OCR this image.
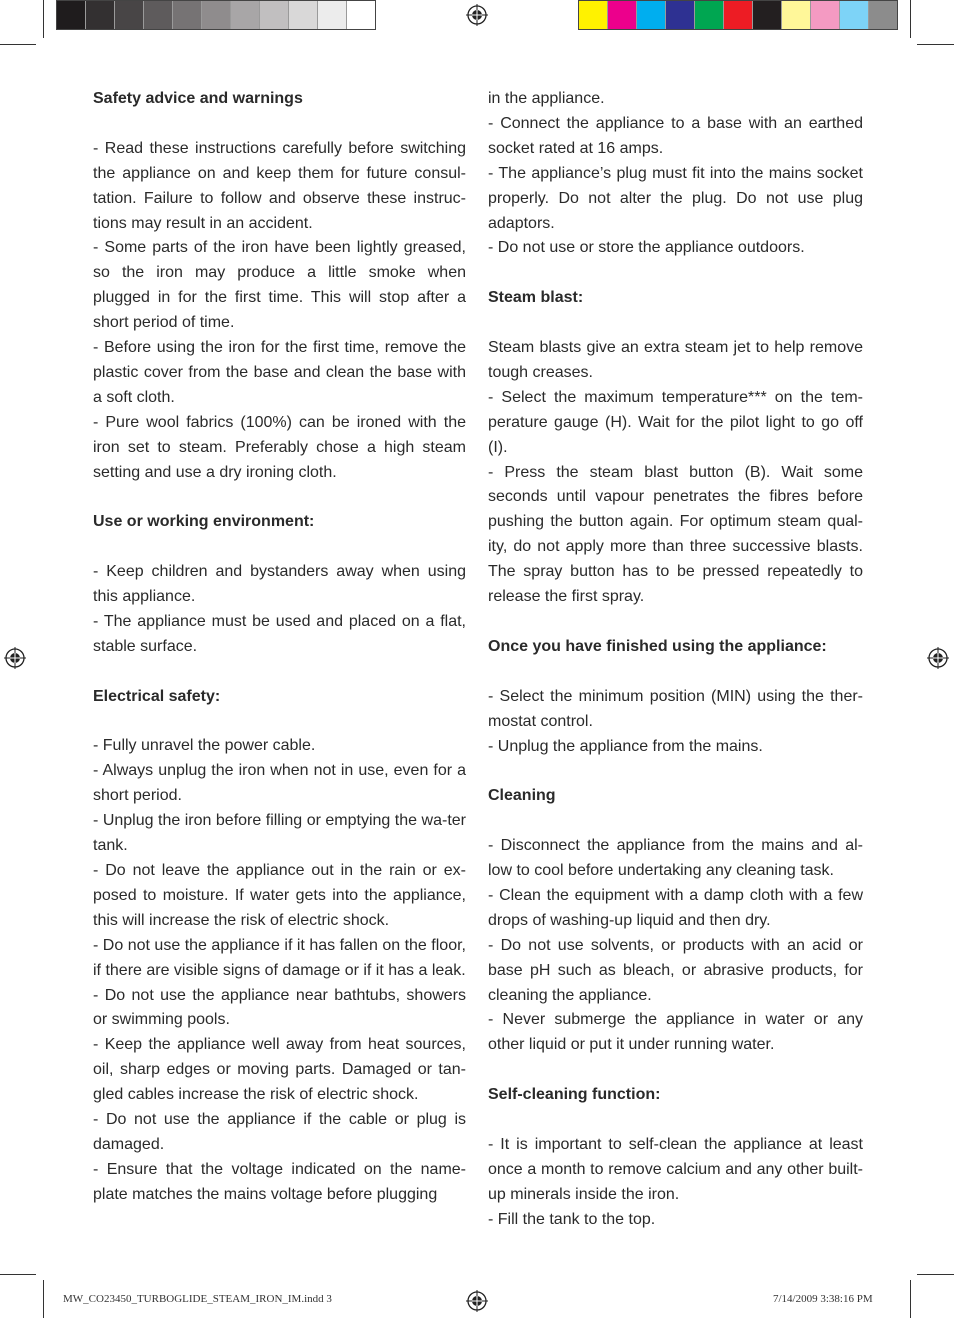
Safety advice and warnings

- Read these instructions carefully before switching the appliance on and keep them for future consul-tation. Failure to follow and observe these instruc-tions may result in an accident.

- Some parts of the iron have been lightly greased, so the iron may produce a little smoke when plugged in for the first time. This will stop after a short period of time.

- Before using the iron for the first time, remove the plastic cover from the base and clean the base with a soft cloth.

- Pure wool fabrics (100%) can be ironed with the iron set to steam. Preferably chose a high steam setting and use a dry ironing cloth.

Use or working environment:

- Keep children and bystanders away when using this appliance.

- The appliance must be used and placed on a flat, stable surface.

Electrical safety:

- Fully unravel the power cable.

- Always unplug the iron when not in use, even for a short period.

- Unplug the iron before filling or emptying the wa-ter tank.

- Do not leave the appliance out in the rain or ex-posed to moisture. If water gets into the appliance, this will increase the risk of electric shock.

- Do not use the appliance if it has fallen on the floor, if there are visible signs of damage or if it has a leak.

- Do not use the appliance near bathtubs, showers or swimming pools.

- Keep the appliance well away from heat sources, oil, sharp edges or moving parts. Damaged or tan-gled cables increase the risk of electric shock.

- Do not use the appliance if the cable or plug is damaged.

- Ensure that the voltage indicated on the name-plate matches the mains voltage before plugging

in the appliance.

- Connect the appliance to a base with an earthed socket rated at 16 amps.

- The appliance’s plug must fit into the mains socket properly. Do not alter the plug. Do not use plug adaptors.

- Do not use or store the appliance outdoors.

Steam blast:

Steam blasts give an extra steam jet to help remove tough creases.

- Select the maximum temperature*** on the tem-perature gauge (H). Wait for the pilot light to go off (I).

- Press the steam blast button (B). Wait some seconds until vapour penetrates the fibres before pushing the button again. For optimum steam qual-ity, do not apply more than three successive blasts. The spray button has to be pressed repeatedly to release the first spray.

Once you have finished using the appliance:

- Select the minimum position (MIN) using the ther-mostat control.

- Unplug the appliance from the mains.

Cleaning

- Disconnect the appliance from the mains and al-low to cool before undertaking any cleaning task.

- Clean the equipment with a damp cloth with a few drops of washing-up liquid and then dry.

- Do not use solvents, or products with an acid or base pH such as bleach, or abrasive products, for cleaning the appliance.

- Never submerge the appliance in water or any other liquid or put it under running water.

Self-cleaning function:

- It is important to self-clean the appliance at least once a month to remove calcium and any other built-up minerals inside the iron.

- Fill the tank to the top.

MW_CO23450_TURBOGLIDE_STEAM_IRON_IM.indd 3	7/14/2009 3:38:16 PM
